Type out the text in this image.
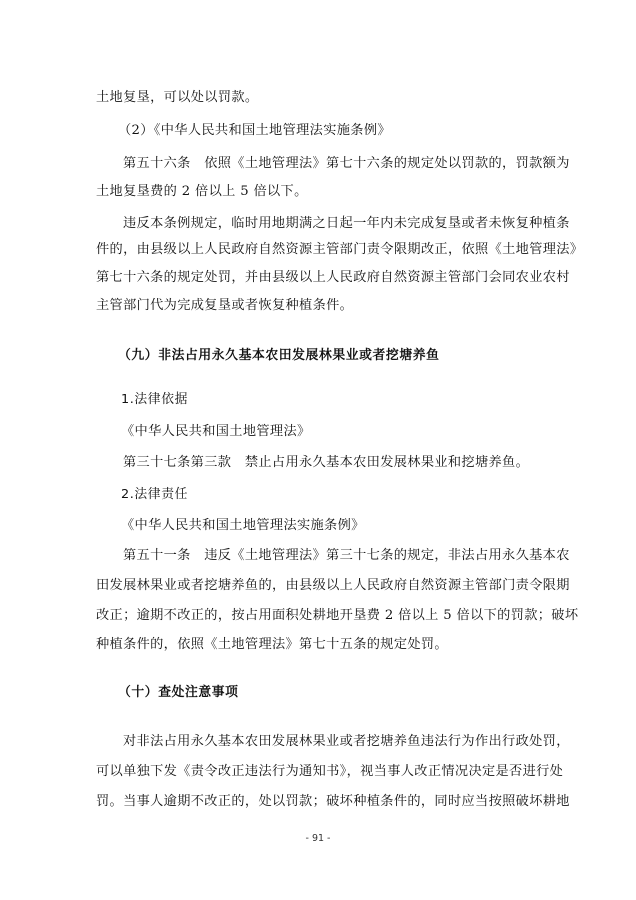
土地复垦，可以处以罚款。
（2）《中华人民共和国土地管理法实施条例》
第五十六条　依照《土地管理法》第七十六条的规定处以罚款的，罚款额为
土地复垦费的 2 倍以上 5 倍以下。
违反本条例规定，临时用地期满之日起一年内未完成复垦或者未恢复种植条
件的，由县级以上人民政府自然资源主管部门责令限期改正，依照《土地管理法》
第七十六条的规定处罚，并由县级以上人民政府自然资源主管部门会同农业农村
主管部门代为完成复垦或者恢复种植条件。
（九）非法占用永久基本农田发展林果业或者挖塘养鱼
1.法律依据
《中华人民共和国土地管理法》
第三十七条第三款　禁止占用永久基本农田发展林果业和挖塘养鱼。
2.法律责任
《中华人民共和国土地管理法实施条例》
第五十一条　违反《土地管理法》第三十七条的规定，非法占用永久基本农
田发展林果业或者挖塘养鱼的，由县级以上人民政府自然资源主管部门责令限期
改正；逾期不改正的，按占用面积处耕地开垦费 2 倍以上 5 倍以下的罚款；破坏
种植条件的，依照《土地管理法》第七十五条的规定处罚。
（十）查处注意事项
对非法占用永久基本农田发展林果业或者挖塘养鱼违法行为作出行政处罚，
可以单独下发《责令改正违法行为通知书》，视当事人改正情况决定是否进行处
罚。当事人逾期不改正的，处以罚款；破坏种植条件的，同时应当按照破坏耕地
- 91 -
